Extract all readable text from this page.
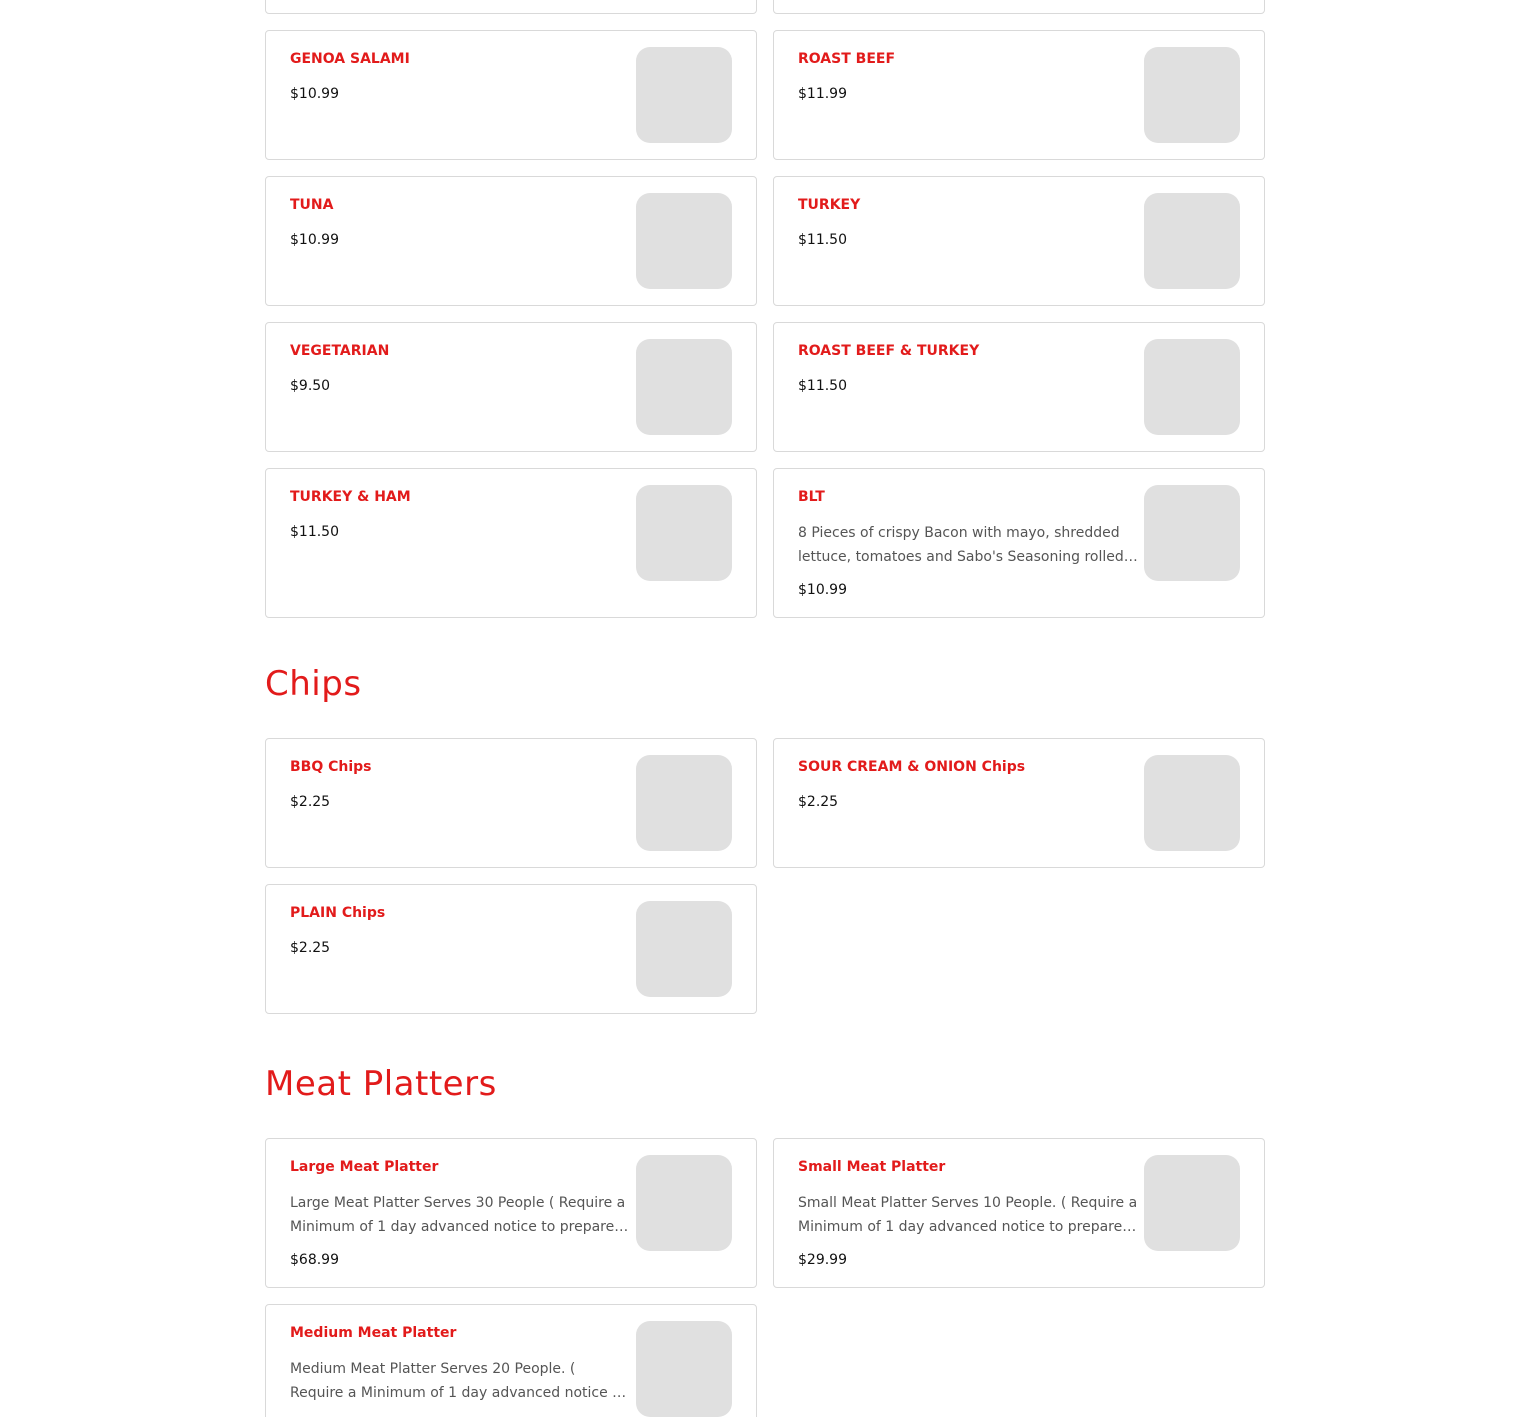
GENOA SALAMI
$10.99
ROAST BEEF
$11.99
TUNA
$10.99
TURKEY
$11.50
VEGETARIAN
$9.50
ROAST BEEF & TURKEY
$11.50
TURKEY & HAM
$11.50
BLT
8 Pieces of crispy Bacon with mayo, shredded lettuce, tomatoes and Sabo's Seasoning rolled
$10.99
Chips
BBQ Chips
$2.25
SOUR CREAM & ONION Chips
$2.25
PLAIN Chips
$2.25
Meat Platters
Large Meat Platter
Large Meat Platter Serves 30 People ( Require a Minimum of 1 day advanced notice to prepare.)
$68.99
Small Meat Platter
Small Meat Platter Serves 10 People. ( Require a Minimum of 1 day advanced notice to prepare.)
$29.99
Medium Meat Platter
Medium Meat Platter Serves 20 People. ( Require a Minimum of 1 day advanced notice to
